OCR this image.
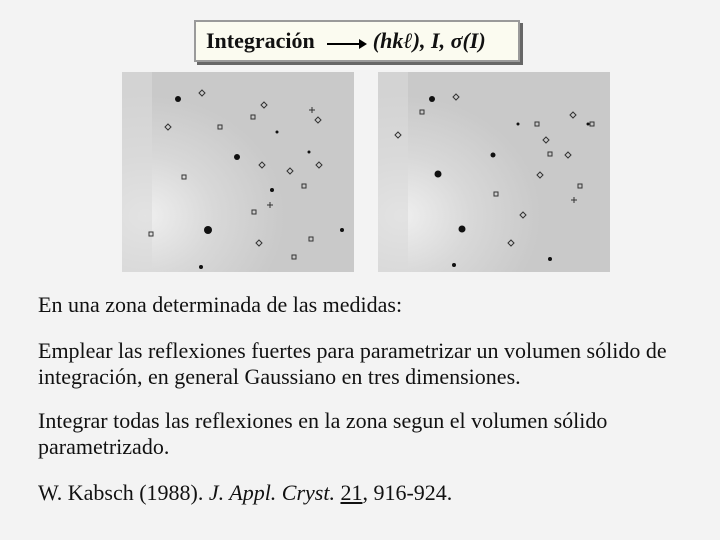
Integración	(hkℓ), I, σ(I)
En una zona determinada de las medidas:
Emplear las reflexiones fuertes para parametrizar un volumen sólido de integración, en general Gaussiano en tres dimensiones.
Integrar todas las reflexiones en la zona segun el volumen sólido parametrizado.
W. Kabsch (1988). J. Appl. Cryst. 21, 916-924.
